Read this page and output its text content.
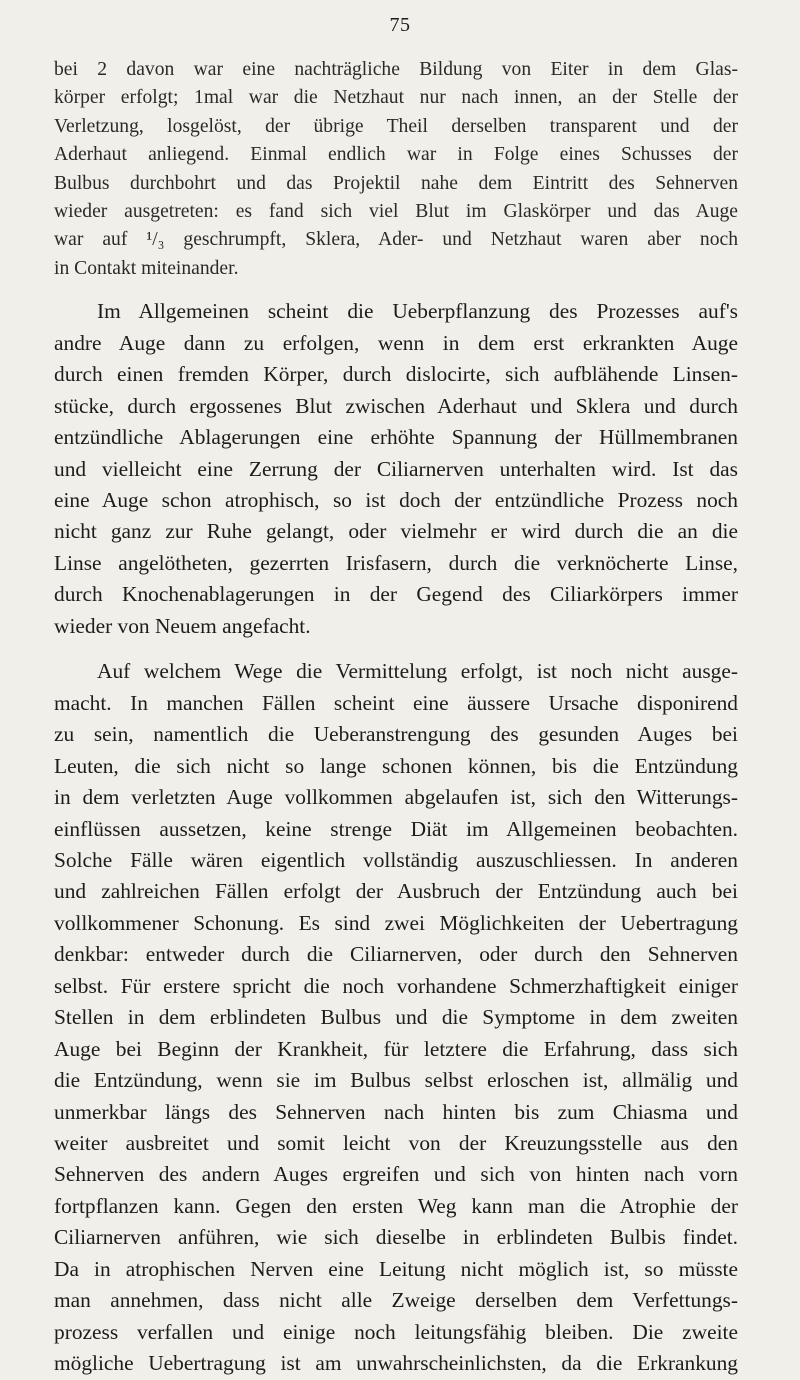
75

bei 2 davon war eine nachträgliche Bildung von Eiter in dem Glas-
körper erfolgt; 1mal war die Netzhaut nur nach innen, an der Stelle der
Verletzung, losgelöst, der übrige Theil derselben transparent und der
Aderhaut anliegend. Einmal endlich war in Folge eines Schusses der
Bulbus durchbohrt und das Projektil nahe dem Eintritt des Sehnerven
wieder ausgetreten: es fand sich viel Blut im Glaskörper und das Auge
war auf ¹/₃ geschrumpft, Sklera, Ader- und Netzhaut waren aber noch
in Contakt miteinander.

Im Allgemeinen scheint die Ueberpflanzung des Prozesses auf's
andre Auge dann zu erfolgen, wenn in dem erst erkrankten Auge
durch einen fremden Körper, durch dislocirte, sich aufblähende Linsen-
stücke, durch ergossenes Blut zwischen Aderhaut und Sklera und durch
entzündliche Ablagerungen eine erhöhte Spannung der Hüllmembranen
und vielleicht eine Zerrung der Ciliarnerven unterhalten wird. Ist das
eine Auge schon atrophisch, so ist doch der entzündliche Prozess noch
nicht ganz zur Ruhe gelangt, oder vielmehr er wird durch die an die
Linse angelötheten, gezerrten Irisfasern, durch die verknöcherte Linse,
durch Knochenablagerungen in der Gegend des Ciliarkörpers immer
wieder von Neuem angefacht.

Auf welchem Wege die Vermittelung erfolgt, ist noch nicht ausge-
macht. In manchen Fällen scheint eine äussere Ursache disponirend
zu sein, namentlich die Ueberanstrengung des gesunden Auges bei
Leuten, die sich nicht so lange schonen können, bis die Entzündung
in dem verletzten Auge vollkommen abgelaufen ist, sich den Witterungs-
einflüssen aussetzen, keine strenge Diät im Allgemeinen beobachten.
Solche Fälle wären eigentlich vollständig auszuschliessen. In anderen
und zahlreichen Fällen erfolgt der Ausbruch der Entzündung auch bei
vollkommener Schonung. Es sind zwei Möglichkeiten der Uebertragung
denkbar: entweder durch die Ciliarnerven, oder durch den Sehnerven
selbst. Für erstere spricht die noch vorhandene Schmerzhaftigkeit einiger
Stellen in dem erblindeten Bulbus und die Symptome in dem zweiten
Auge bei Beginn der Krankheit, für letztere die Erfahrung, dass sich
die Entzündung, wenn sie im Bulbus selbst erloschen ist, allmälig und
unmerkbar längs des Sehnerven nach hinten bis zum Chiasma und
weiter ausbreitet und somit leicht von der Kreuzungsstelle aus den
Sehnerven des andern Auges ergreifen und sich von hinten nach vorn
fortpflanzen kann. Gegen den ersten Weg kann man die Atrophie der
Ciliarnerven anführen, wie sich dieselbe in erblindeten Bulbis findet.
Da in atrophischen Nerven eine Leitung nicht möglich ist, so müsste
man annehmen, dass nicht alle Zweige derselben dem Verfettungs-
prozess verfallen und einige noch leitungsfähig bleiben. Die zweite
mögliche Uebertragung ist am unwahrscheinlichsten, da die Erkrankung
